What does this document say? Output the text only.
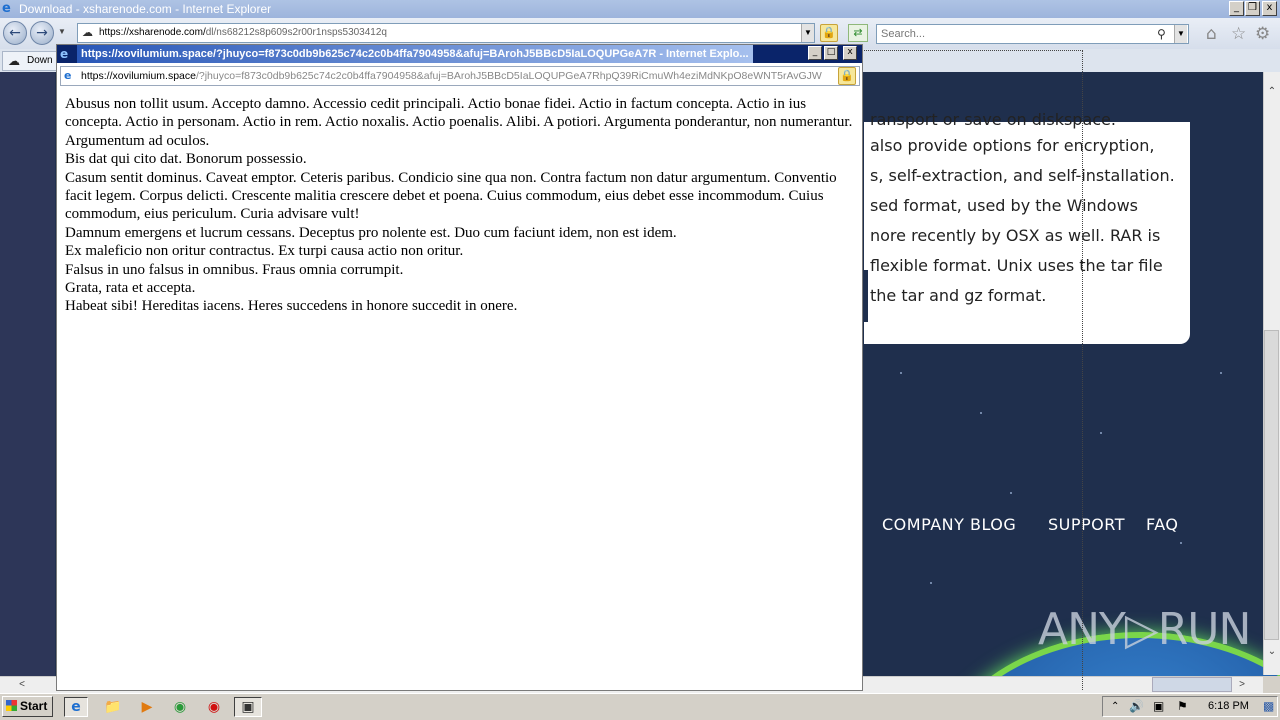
e Download - xsharenode.com - Internet Explorer	_ ❒ x
←	→	▼ ☁ https://xsharenode.com/dl/ns68212s8p609s2r00r1nsps5303412q	▼ 🔒	⇄	Search...	⚲	▼ ⌂ ☆ ⚙
☁ Down
ransport or save on diskspace.
also provide options for encryption,
s, self-extraction, and self-installation.
sed format, used by the Windows
nore recently by OSX as well. RAR is
flexible format. Unix uses the tar file
the tar and gz format.
COMPANY BLOG SUPPORT FAQ
ANY▷RUN
⌃
⌄
<	>
e https://xovilumium.space/?jhuyco=f873c0db9b625c74c2c0b4ffa7904958&afuj=BArohJ5BBcD5IaLOQUPGeA7R - Internet Explo...	_	□	x
e https://xovilumium.space/?jhuyco=f873c0db9b625c74c2c0b4ffa7904958&afuj=BArohJ5BBcD5IaLOQUPGeA7RhpQ39RiCmuWh4eziMdNKpO8eWNT5rAvGJW	🔒

Abusus non tollit usum. Accepto damno. Accessio cedit principali. Actio bonae fidei. Actio in factum concepta. Actio in ius concepta. Actio in personam. Actio in rem. Actio noxalis. Actio poenalis. Alibi. A potiori. Argumenta ponderantur, non numerantur. Argumentum ad oculos.

Bis dat qui cito dat. Bonorum possessio.

Casum sentit dominus. Caveat emptor. Ceteris paribus. Condicio sine qua non. Contra factum non datur argumentum. Conventio facit legem. Corpus delicti. Crescente malitia crescere debet et poena. Cuius commodum, eius debet esse incommodum. Cuius commodum, eius periculum. Curia advisare vult!

Damnum emergens et lucrum cessans. Deceptus pro nolente est. Duo cum faciunt idem, non est idem.

Ex maleficio non oritur contractus. Ex turpi causa actio non oritur.

Falsus in uno falsus in omnibus. Fraus omnia corrumpit.

Grata, rata et accepta.

Habeat sibi! Hereditas iacens. Heres succedens in honore succedit in onere.

Start	e	📁	▶	◉	◉	▣	⌃ 🔊 ▣ ⚑	▩
6:18 PM
